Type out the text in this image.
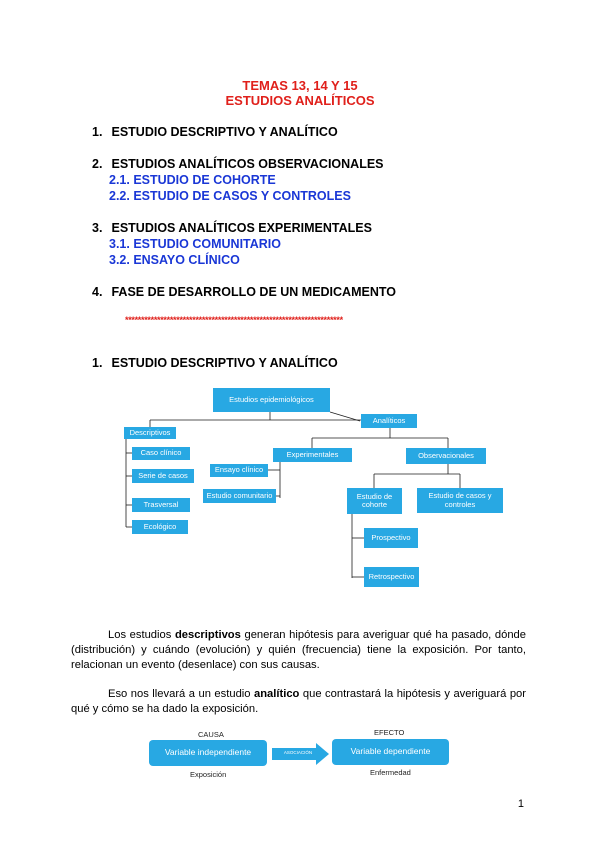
TEMAS 13, 14 Y 15
ESTUDIOS ANALÍTICOS
1. ESTUDIO DESCRIPTIVO Y ANALÍTICO
2. ESTUDIOS ANALÍTICOS OBSERVACIONALES
2.1. ESTUDIO DE COHORTE
2.2. ESTUDIO DE CASOS Y CONTROLES
3. ESTUDIOS ANALÍTICOS EXPERIMENTALES
3.1. ESTUDIO COMUNITARIO
3.2. ENSAYO CLÍNICO
4. FASE DE DESARROLLO DE UN MEDICAMENTO
********************************************************************
1. ESTUDIO DESCRIPTIVO Y ANALÍTICO
Estudios epidemiológicos
Descriptivos
Analíticos
Caso clínico
Serie de casos
Trasversal
Ecológico
Experimentales	Observacionales
Ensayo clínico
Estudio comunitario	Estudio de cohorte
Estudio de casos y controles
Prospectivo
Retrospectivo
Los estudios descriptivos generan hipótesis para averiguar qué ha pasado, dónde (distribución) y cuándo (evolución) y quién (frecuencia) tiene la exposición. Por tanto, relacionan un evento (desenlace) con sus causas.
Eso nos llevará a un estudio analítico que contrastará la hipótesis y averiguará por qué y cómo se ha dado la exposición.
CAUSA	EFECTO
Variable independiente	ASOCIACIÓN	Variable dependiente
Exposición	Enfermedad
1
